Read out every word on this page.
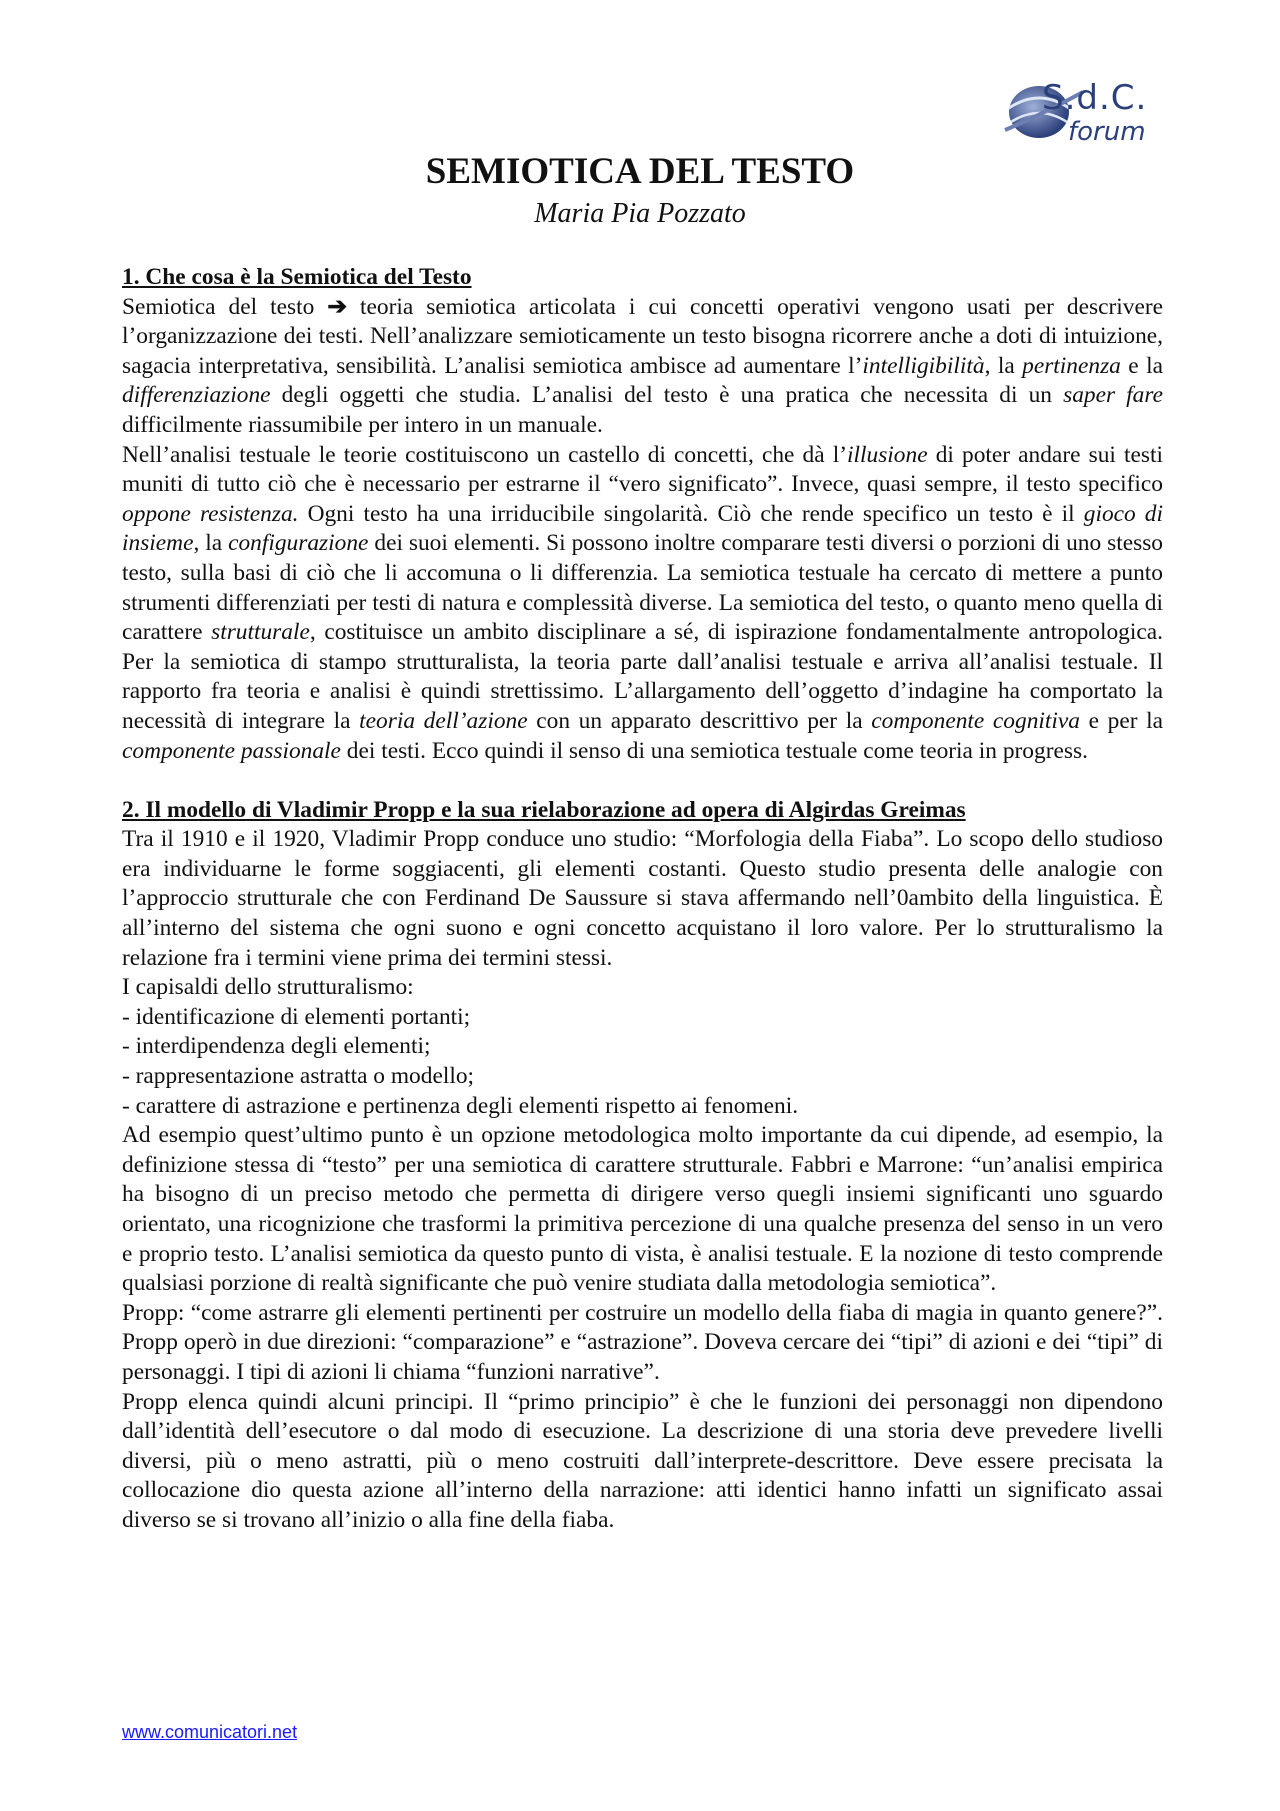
S.d.C.
forum
SEMIOTICA DEL TESTO
Maria Pia Pozzato

1. Che cosa è la Semiotica del Testo

Semiotica del testo ➔ teoria semiotica articolata i cui concetti operativi vengono usati per descrivere l’organizzazione dei testi. Nell’analizzare semioticamente un testo bisogna ricorrere anche a doti di intuizione, sagacia interpretativa, sensibilità. L’analisi semiotica ambisce ad aumentare l’intelligibilità, la pertinenza e la differenziazione degli oggetti che studia. L’analisi del testo è una pratica che necessita di un saper fare difficilmente riassumibile per intero in un manuale.

Nell’analisi testuale le teorie costituiscono un castello di concetti, che dà l’illusione di poter andare sui testi muniti di tutto ciò che è necessario per estrarne il “vero significato”. Invece, quasi sempre, il testo specifico oppone resistenza. Ogni testo ha una irriducibile singolarità. Ciò che rende specifico un testo è il gioco di insieme, la configurazione dei suoi elementi. Si possono inoltre comparare testi diversi o porzioni di uno stesso testo, sulla basi di ciò che li accomuna o li differenzia. La semiotica testuale ha cercato di mettere a punto strumenti differenziati per testi di natura e complessità diverse. La semiotica del testo, o quanto meno quella di carattere strutturale, costituisce un ambito disciplinare a sé, di ispirazione fondamentalmente antropologica. Per la semiotica di stampo strutturalista, la teoria parte dall’analisi testuale e arriva all’analisi testuale. Il rapporto fra teoria e analisi è quindi strettissimo. L’allargamento dell’oggetto d’indagine ha comportato la necessità di integrare la teoria dell’azione con un apparato descrittivo per la componente cognitiva e per la componente passionale dei testi. Ecco quindi il senso di una semiotica testuale come teoria in progress.

2. Il modello di Vladimir Propp e la sua rielaborazione ad opera di Algirdas Greimas

Tra il 1910 e il 1920, Vladimir Propp conduce uno studio: “Morfologia della Fiaba”. Lo scopo dello studioso era individuarne le forme soggiacenti, gli elementi costanti. Questo studio presenta delle analogie con l’approccio strutturale che con Ferdinand De Saussure si stava affermando nell’0ambito della linguistica. È all’interno del sistema che ogni suono e ogni concetto acquistano il loro valore. Per lo strutturalismo la relazione fra i termini viene prima dei termini stessi.

I capisaldi dello strutturalismo:

- identificazione di elementi portanti;

- interdipendenza degli elementi;

- rappresentazione astratta o modello;

- carattere di astrazione e pertinenza degli elementi rispetto ai fenomeni.

Ad esempio quest’ultimo punto è un opzione metodologica molto importante da cui dipende, ad esempio, la definizione stessa di “testo” per una semiotica di carattere strutturale. Fabbri e Marrone: “un’analisi empirica ha bisogno di un preciso metodo che permetta di dirigere verso quegli insiemi significanti uno sguardo orientato, una ricognizione che trasformi la primitiva percezione di una qualche presenza del senso in un vero e proprio testo. L’analisi semiotica da questo punto di vista, è analisi testuale. E la nozione di testo comprende qualsiasi porzione di realtà significante che può venire studiata dalla metodologia semiotica”.

Propp: “come astrarre gli elementi pertinenti per costruire un modello della fiaba di magia in quanto genere?”. Propp operò in due direzioni: “comparazione” e “astrazione”. Doveva cercare dei “tipi” di azioni e dei “tipi” di personaggi. I tipi di azioni li chiama “funzioni narrative”.

Propp elenca quindi alcuni principi. Il “primo principio” è che le funzioni dei personaggi non dipendono dall’identità dell’esecutore o dal modo di esecuzione. La descrizione di una storia deve prevedere livelli diversi, più o meno astratti, più o meno costruiti dall’interprete-descrittore. Deve essere precisata la collocazione dio questa azione all’interno della narrazione: atti identici hanno infatti un significato assai diverso se si trovano all’inizio o alla fine della fiaba.

www.comunicatori.net
